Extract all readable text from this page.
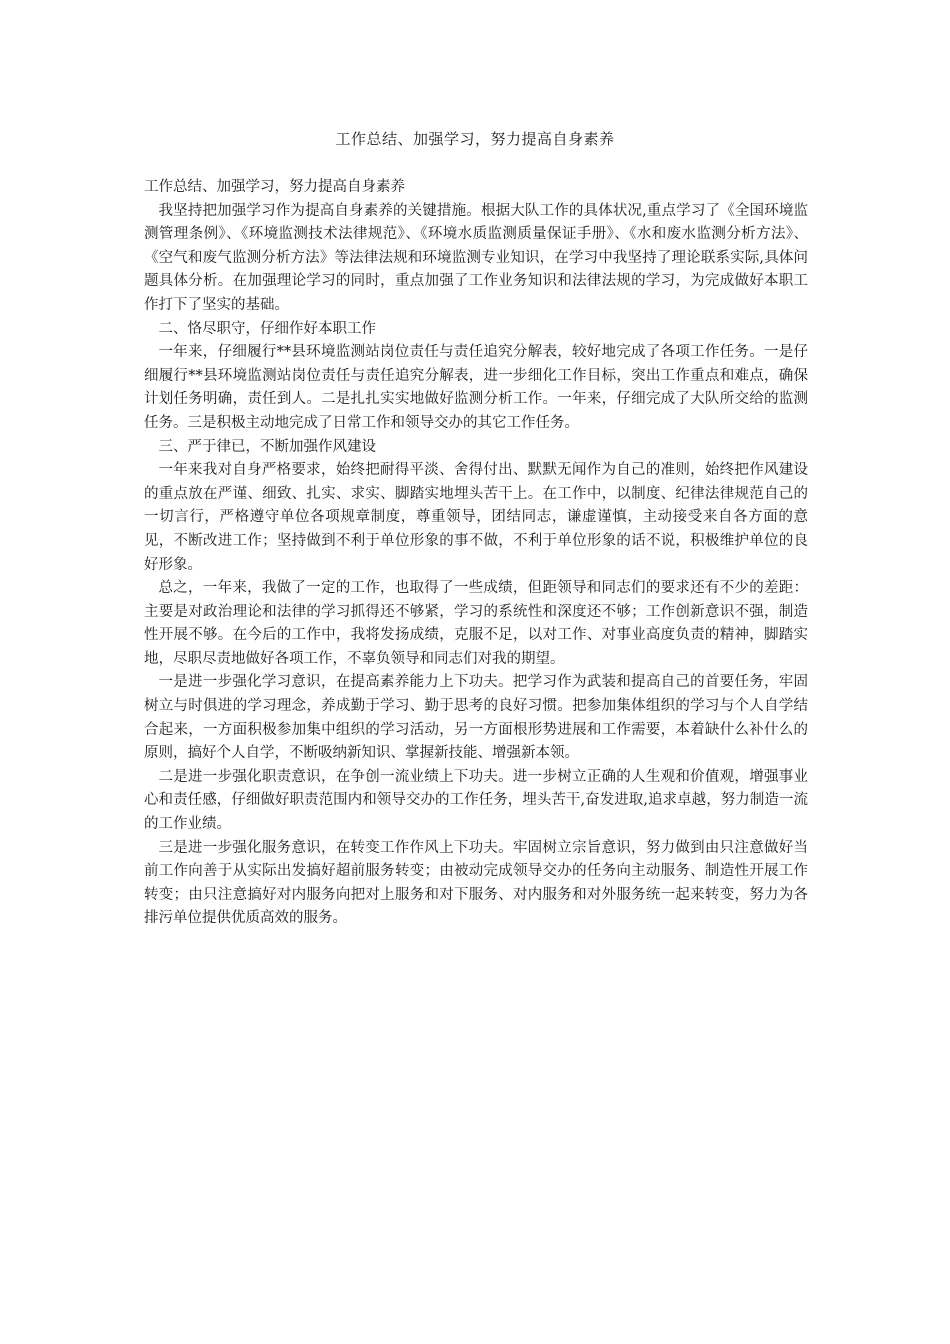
工作总结、加强学习，努力提高自身素养

工作总结、加强学习，努力提高自身素养

我坚持把加强学习作为提高自身素养的关键措施。根据大队工作的具体状况,重点学习了《全国环境监测管理条例》、《环境监测技术法律规范》、《环境水质监测质量保证手册》、《水和废水监测分析方法》、《空气和废气监测分析方法》等法律法规和环境监测专业知识，在学习中我坚持了理论联系实际,具体问题具体分析。在加强理论学习的同时，重点加强了工作业务知识和法律法规的学习，为完成做好本职工作打下了坚实的基础。

二、恪尽职守，仔细作好本职工作

一年来，仔细履行**县环境监测站岗位责任与责任追究分解表，较好地完成了各项工作任务。一是仔细履行**县环境监测站岗位责任与责任追究分解表，进一步细化工作目标，突出工作重点和难点，确保计划任务明确，责任到人。二是扎扎实实地做好监测分析工作。一年来，仔细完成了大队所交给的监测任务。三是积极主动地完成了日常工作和领导交办的其它工作任务。

三、严于律已，不断加强作风建设

一年来我对自身严格要求，始终把耐得平淡、舍得付出、默默无闻作为自己的准则，始终把作风建设的重点放在严谨、细致、扎实、求实、脚踏实地埋头苦干上。在工作中，以制度、纪律法律规范自己的一切言行，严格遵守单位各项规章制度，尊重领导，团结同志，谦虚谨慎，主动接受来自各方面的意见，不断改进工作；坚持做到不利于单位形象的事不做，不利于单位形象的话不说，积极维护单位的良好形象。

总之，一年来，我做了一定的工作，也取得了一些成绩，但距领导和同志们的要求还有不少的差距：主要是对政治理论和法律的学习抓得还不够紧，学习的系统性和深度还不够；工作创新意识不强，制造性开展不够。在今后的工作中，我将发扬成绩，克服不足，以对工作、对事业高度负责的精神，脚踏实地，尽职尽责地做好各项工作，不辜负领导和同志们对我的期望。

一是进一步强化学习意识，在提高素养能力上下功夫。把学习作为武装和提高自己的首要任务，牢固树立与时俱进的学习理念，养成勤于学习、勤于思考的良好习惯。把参加集体组织的学习与个人自学结合起来，一方面积极参加集中组织的学习活动，另一方面根形势进展和工作需要，本着缺什么补什么的原则，搞好个人自学，不断吸纳新知识、掌握新技能、增强新本领。

二是进一步强化职责意识，在争创一流业绩上下功夫。进一步树立正确的人生观和价值观，增强事业心和责任感，仔细做好职责范围内和领导交办的工作任务，埋头苦干,奋发进取,追求卓越，努力制造一流的工作业绩。

三是进一步强化服务意识，在转变工作作风上下功夫。牢固树立宗旨意识，努力做到由只注意做好当前工作向善于从实际出发搞好超前服务转变；由被动完成领导交办的任务向主动服务、制造性开展工作转变；由只注意搞好对内服务向把对上服务和对下服务、对内服务和对外服务统一起来转变，努力为各排污单位提供优质高效的服务。
